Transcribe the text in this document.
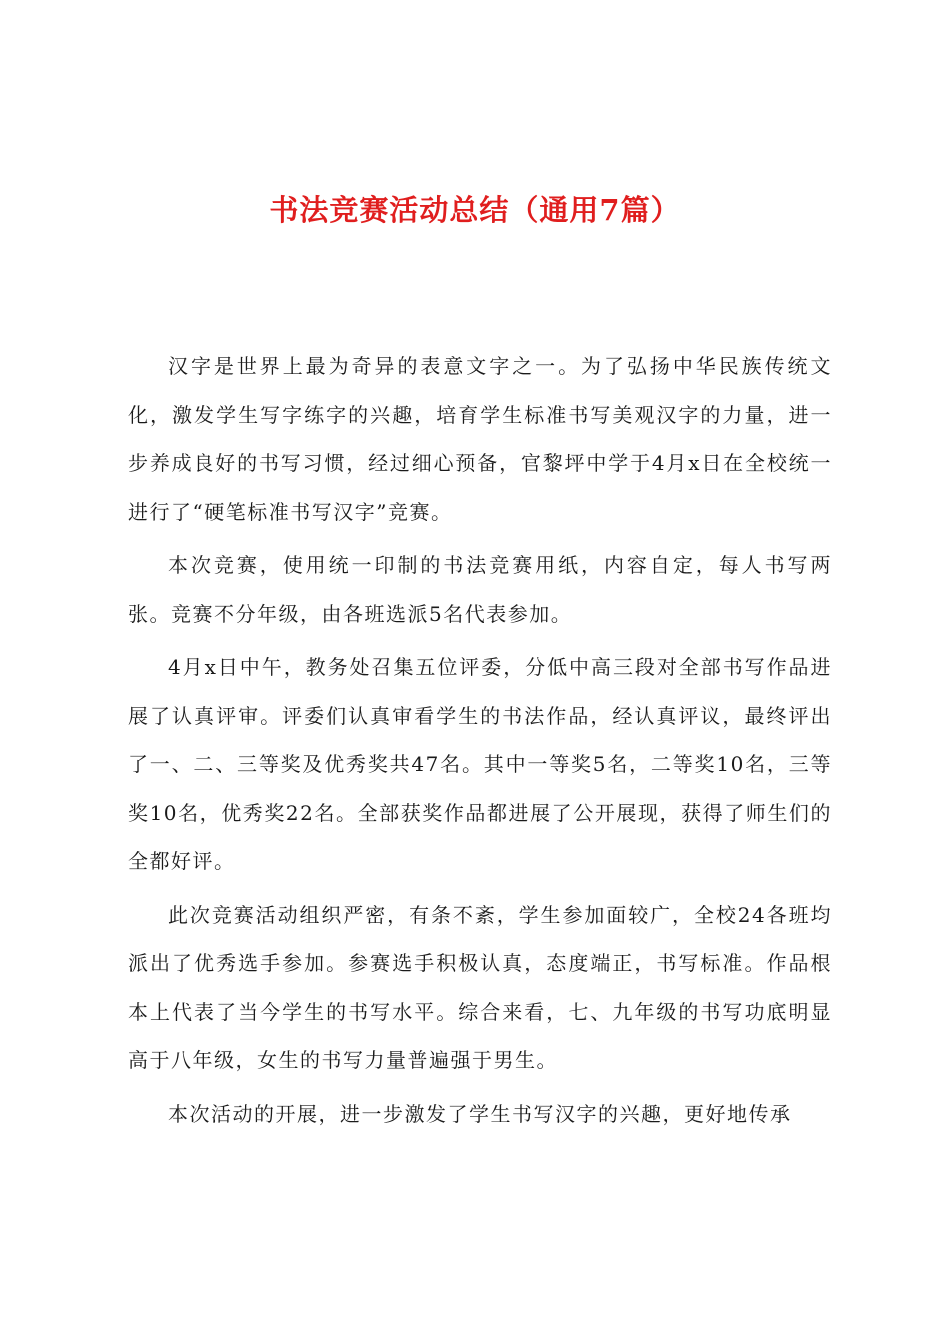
书法竞赛活动总结（通用7篇）

汉字是世界上最为奇异的表意文字之一。为了弘扬中华民族传统文化，激发学生写字练字的兴趣，培育学生标准书写美观汉字的力量，进一步养成良好的书写习惯，经过细心预备，官黎坪中学于4月x日在全校统一进行了“硬笔标准书写汉字”竞赛。

本次竞赛，使用统一印制的书法竞赛用纸，内容自定，每人书写两张。竞赛不分年级，由各班选派5名代表参加。

4月x日中午，教务处召集五位评委，分低中高三段对全部书写作品进展了认真评审。评委们认真审看学生的书法作品，经认真评议，最终评出了一、二、三等奖及优秀奖共47名。其中一等奖5名，二等奖10名，三等奖10名，优秀奖22名。全部获奖作品都进展了公开展现，获得了师生们的全都好评。

此次竞赛活动组织严密，有条不紊，学生参加面较广，全校24各班均派出了优秀选手参加。参赛选手积极认真，态度端正，书写标准。作品根本上代表了当今学生的书写水平。综合来看，七、九年级的书写功底明显高于八年级，女生的书写力量普遍强于男生。

本次活动的开展，进一步激发了学生书写汉字的兴趣，更好地传承
